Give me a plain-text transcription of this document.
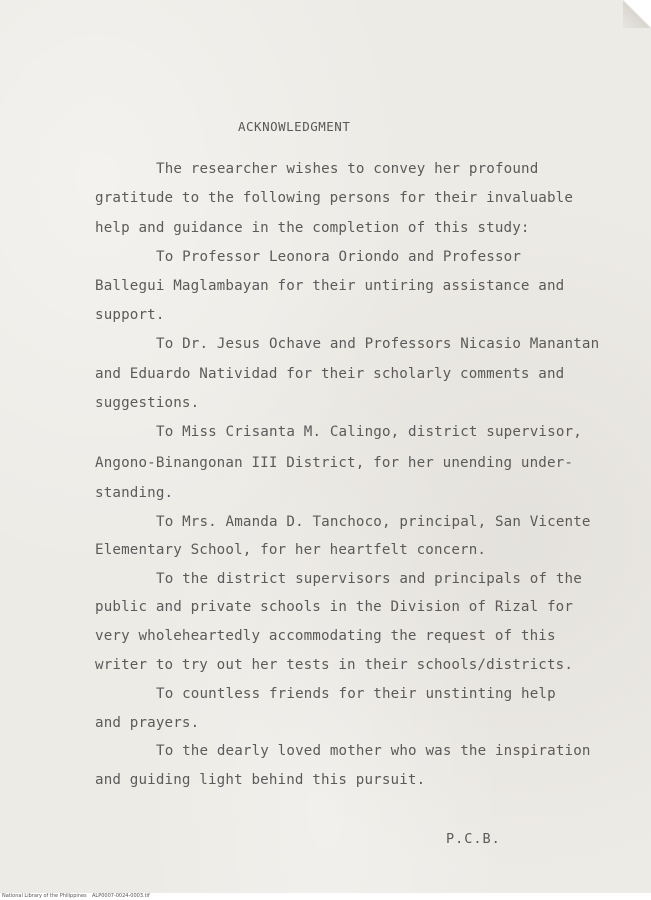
ACKNOWLEDGMENT
The researcher wishes to convey her profound
gratitude to the following persons for their invaluable
help and guidance in the completion of this study:
To Professor Leonora Oriondo and Professor
Ballegui Maglambayan for their untiring assistance and
support.
To Dr. Jesus Ochave and Professors Nicasio Manantan
and Eduardo Natividad for their scholarly comments and
suggestions.
To Miss Crisanta M. Calingo, district supervisor,
Angono-Binangonan III District, for her unending under-
standing.
To Mrs. Amanda D. Tanchoco, principal, San Vicente
Elementary School, for her heartfelt concern.
To the district supervisors and principals of the
public and private schools in the Division of Rizal for
very wholeheartedly accommodating the request of this
writer to try out her tests in their schools/districts.
To countless friends for their unstinting help
and prayers.
To the dearly loved mother who was the inspiration
and guiding light behind this pursuit.
P.C.B.
National Library of the Philippines ALP0007-0024-0003.tif
